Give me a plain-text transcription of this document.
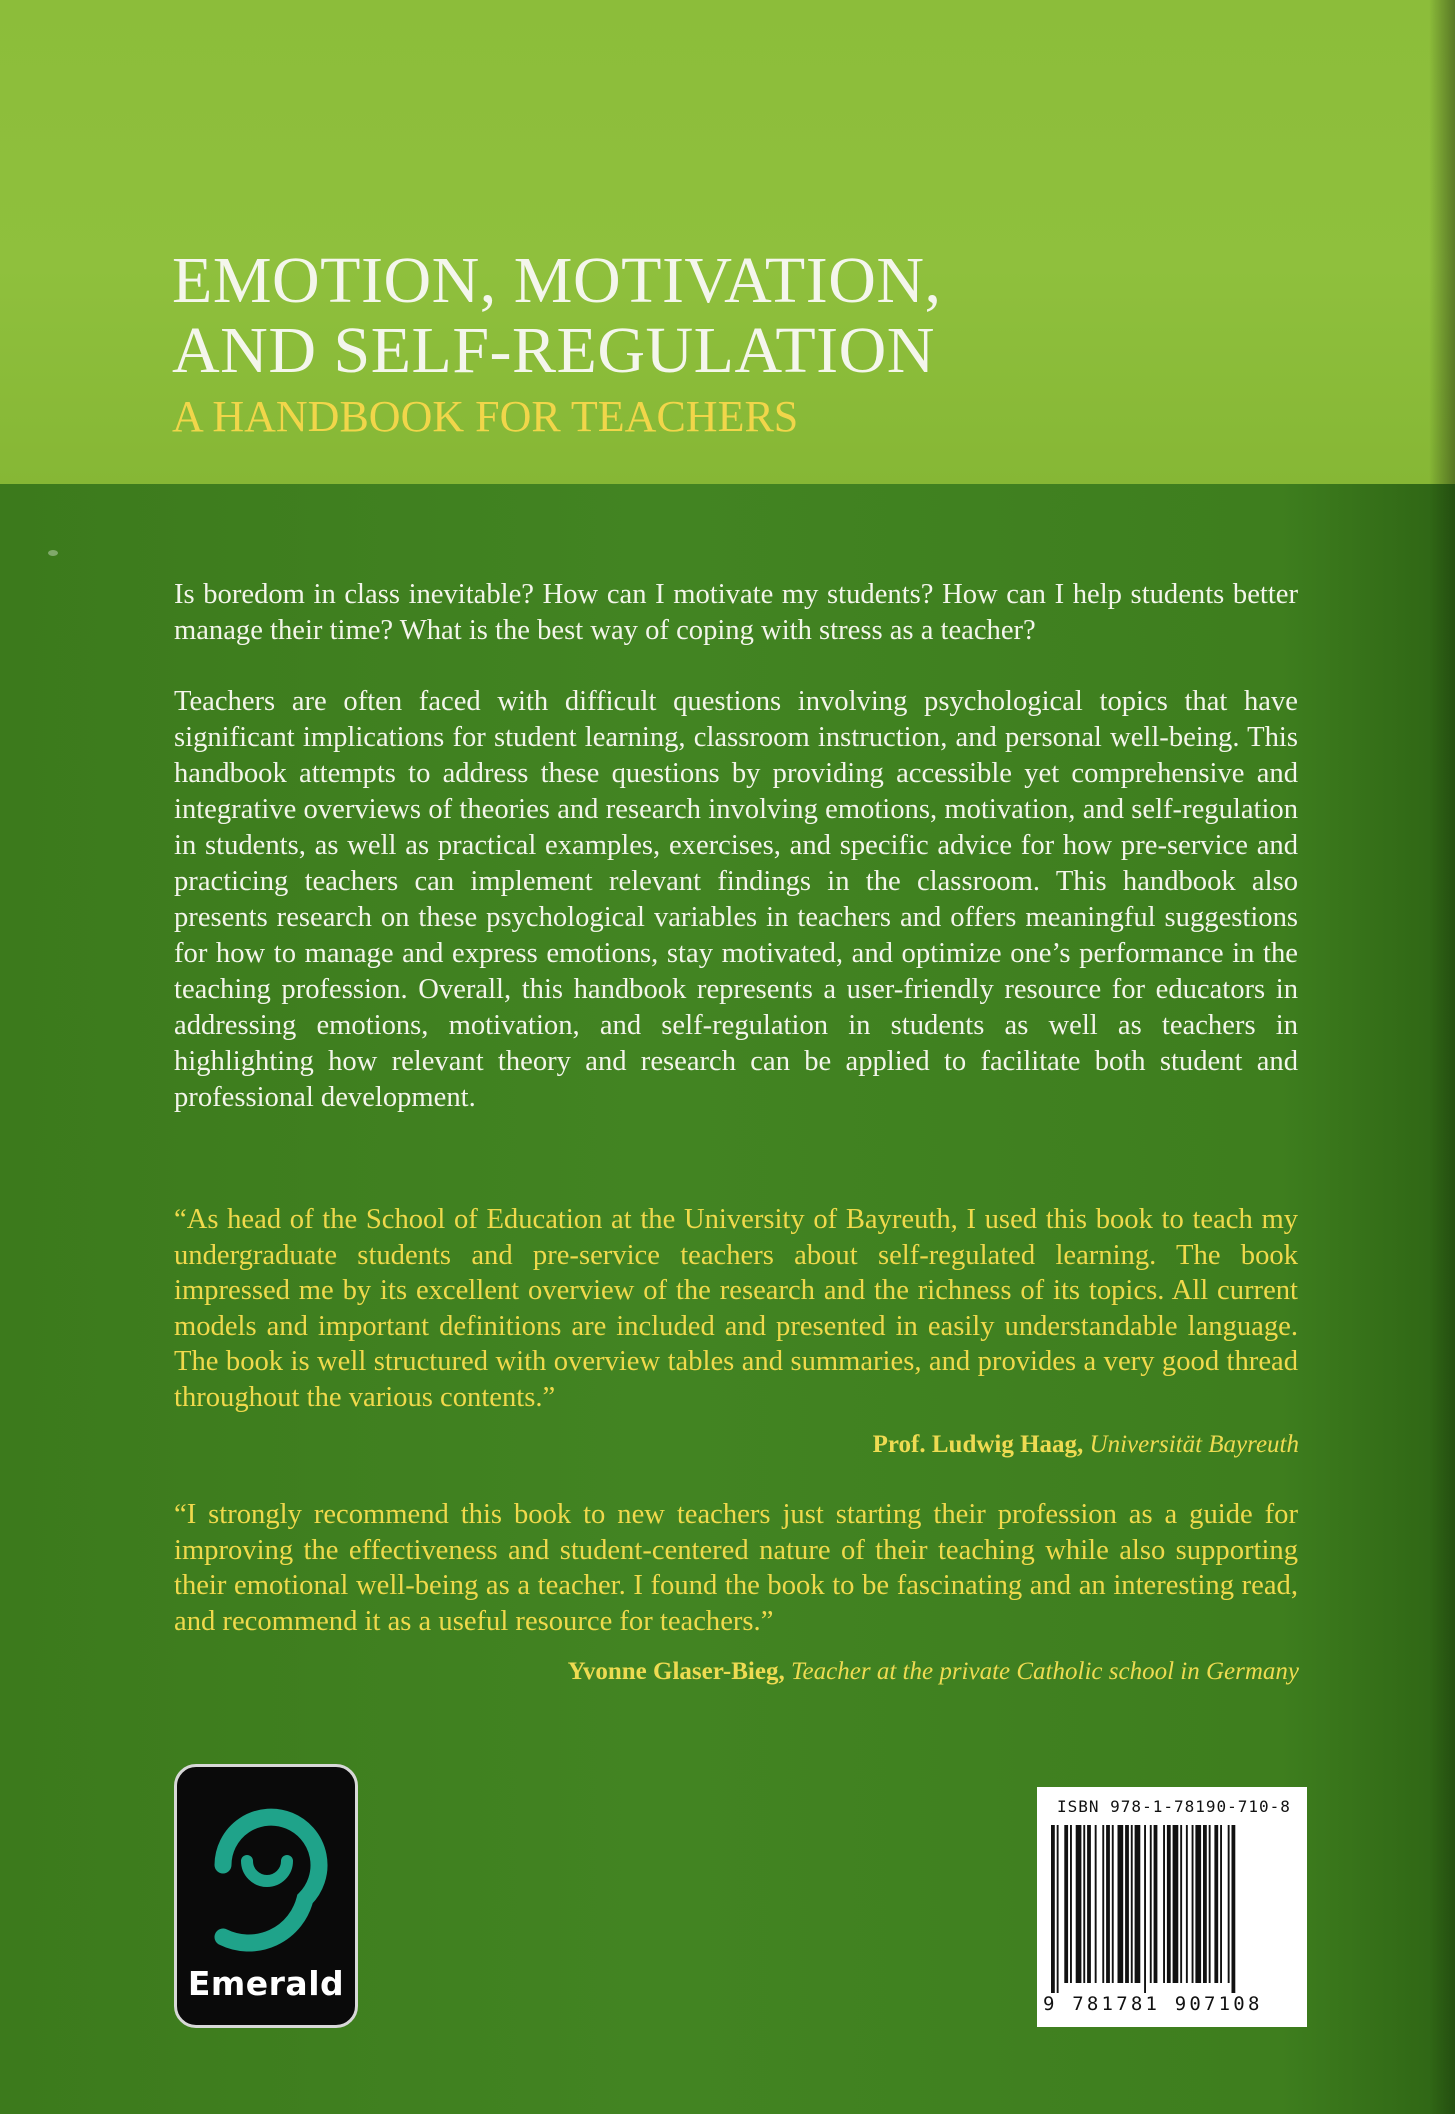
EMOTION, MOTIVATION,
AND SELF-REGULATION
A HANDBOOK FOR TEACHERS

Is boredom in class inevitable? How can I motivate my students? How can I help students better manage their time? What is the best way of coping with stress as a teacher?

Teachers are often faced with difficult questions involving psychological topics that have significant implications for student learning, classroom instruction, and personal well-being. This handbook attempts to address these questions by providing accessible yet comprehensive and integrative overviews of theories and research involving emotions, motivation, and self-regulation in students, as well as practical examples, exercises, and specific advice for how pre-service and practicing teachers can implement relevant findings in the classroom. This handbook also presents research on these psychological variables in teachers and offers meaningful suggestions for how to manage and express emotions, stay motivated, and optimize one’s performance in the teaching profession. Overall, this handbook represents a user-friendly resource for educators in addressing emotions, motivation, and self-regulation in students as well as teachers in highlighting how relevant theory and research can be applied to facilitate both student and professional development.

“As head of the School of Education at the University of Bayreuth, I used this book to teach my undergraduate students and pre-service teachers about self-regulated learning. The book impressed me by its excellent overview of the research and the richness of its topics. All current models and important definitions are included and presented in easily understandable language. The book is well structured with overview tables and summaries, and provides a very good thread throughout the various contents.”

Prof. Ludwig Haag, Universität Bayreuth

“I strongly recommend this book to new teachers just starting their profession as a guide for improving the effectiveness and student-centered nature of their teaching while also supporting their emotional well-being as a teacher. I found the book to be fascinating and an interesting read, and recommend it as a useful resource for teachers.”

Yvonne Glaser-Bieg, Teacher at the private Catholic school in Germany

Emerald
ISBN 978-1-78190-710-8
9 781781 907108
